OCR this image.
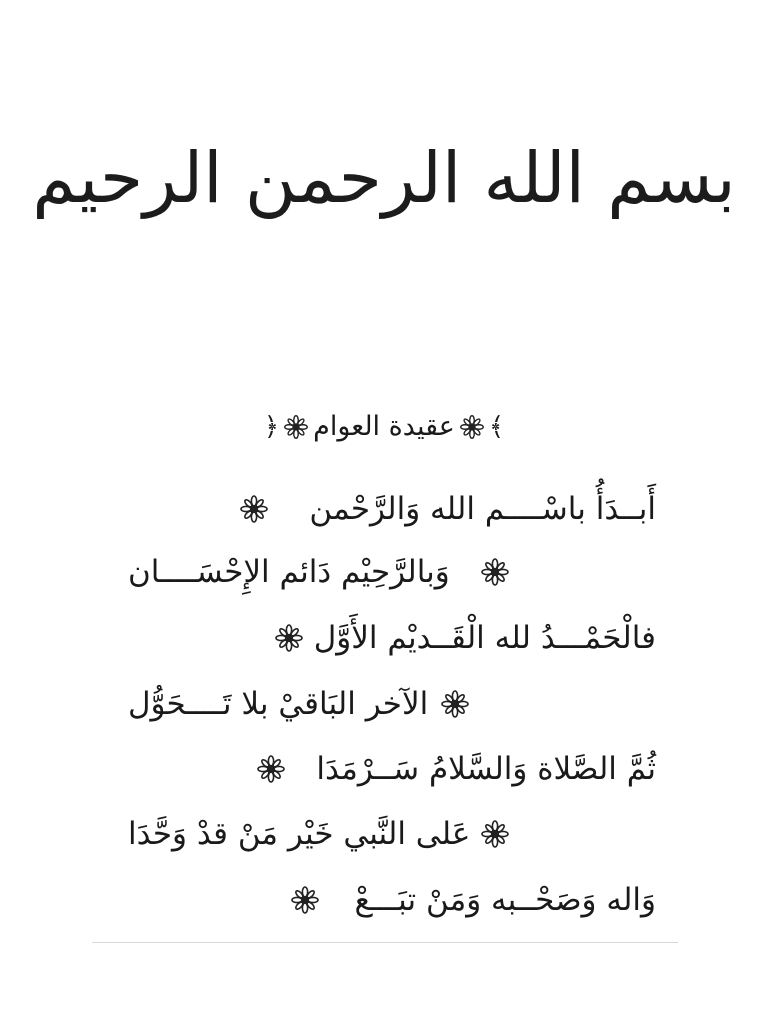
بسم الله الرحمن الرحيم
﴾
عقيدة العوام
﴿
أَبــدَأُ باسْــــم الله وَالرَّحْمن
وَبالرَّحِيْم دَائم الإِحْسَــــان
فالْحَمْـــدُ لله الْقَــديْم الأَوَّل
الآخر البَاقيْ بلا تَــــحَوُّل
ثُمَّ الصَّلاة وَالسَّلامُ سَــرْمَدَا
عَلى النَّبي خَيْر مَنْ قدْ وَحَّدَا
وَاله وَصَحْــبه وَمَنْ تبَـــعْ
